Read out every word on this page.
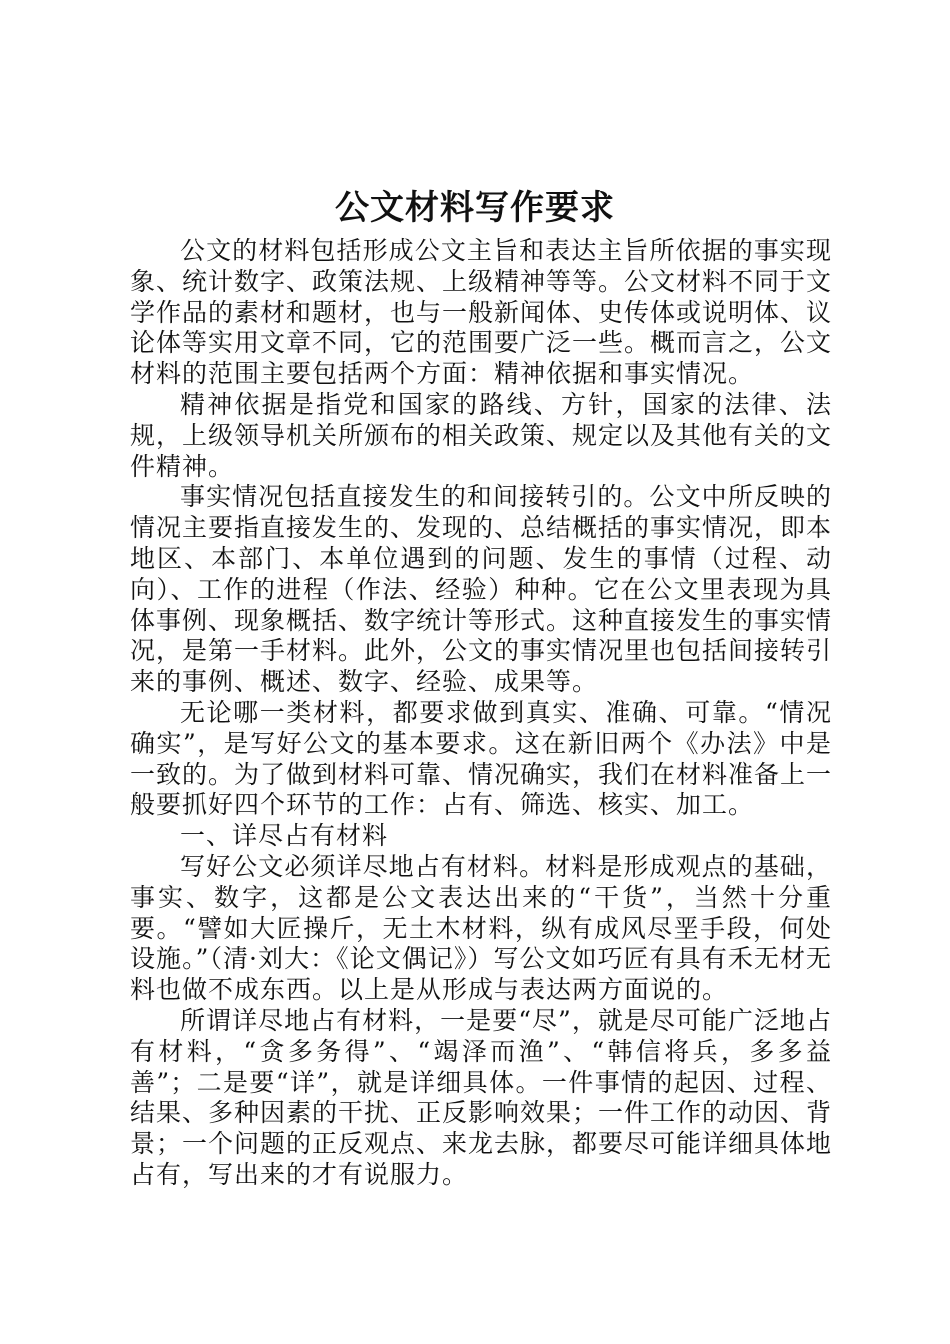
公文材料写作要求

公文的材料包括形成公文主旨和表达主旨所依据的事实现象、统计数字、政策法规、上级精神等等。公文材料不同于文学作品的素材和题材，也与一般新闻体、史传体或说明体、议论体等实用文章不同，它的范围要广泛一些。概而言之，公文材料的范围主要包括两个方面：精神依据和事实情况。

精神依据是指党和国家的路线、方针，国家的法律、法规，上级领导机关所颁布的相关政策、规定以及其他有关的文件精神。

事实情况包括直接发生的和间接转引的。公文中所反映的情况主要指直接发生的、发现的、总结概括的事实情况，即本地区、本部门、本单位遇到的问题、发生的事情（过程、动向）、工作的进程（作法、经验）种种。它在公文里表现为具体事例、现象概括、数字统计等形式。这种直接发生的事实情况，是第一手材料。此外，公文的事实情况里也包括间接转引来的事例、概述、数字、经验、成果等。

无论哪一类材料，都要求做到真实、准确、可靠。“情况确实”，是写好公文的基本要求。这在新旧两个《办法》中是一致的。为了做到材料可靠、情况确实，我们在材料准备上一般要抓好四个环节的工作：占有、筛选、核实、加工。

一、详尽占有材料

写好公文必须详尽地占有材料。材料是形成观点的基础，事实、数字，这都是公文表达出来的“干货”，当然十分重要。“譬如大匠操斤，无土木材料，纵有成风尽垩手段，何处设施。”（清·刘大：《论文偶记》）写公文如巧匠有具有禾无材无料也做不成东西。以上是从形成与表达两方面说的。

所谓详尽地占有材料，一是要“尽”，就是尽可能广泛地占有材料，“贪多务得”、“竭泽而渔”、“韩信将兵，多多益善”；二是要“详”，就是详细具体。一件事情的起因、过程、结果、多种因素的干扰、正反影响效果；一件工作的动因、背景；一个问题的正反观点、来龙去脉，都要尽可能详细具体地占有，写出来的才有说服力。
